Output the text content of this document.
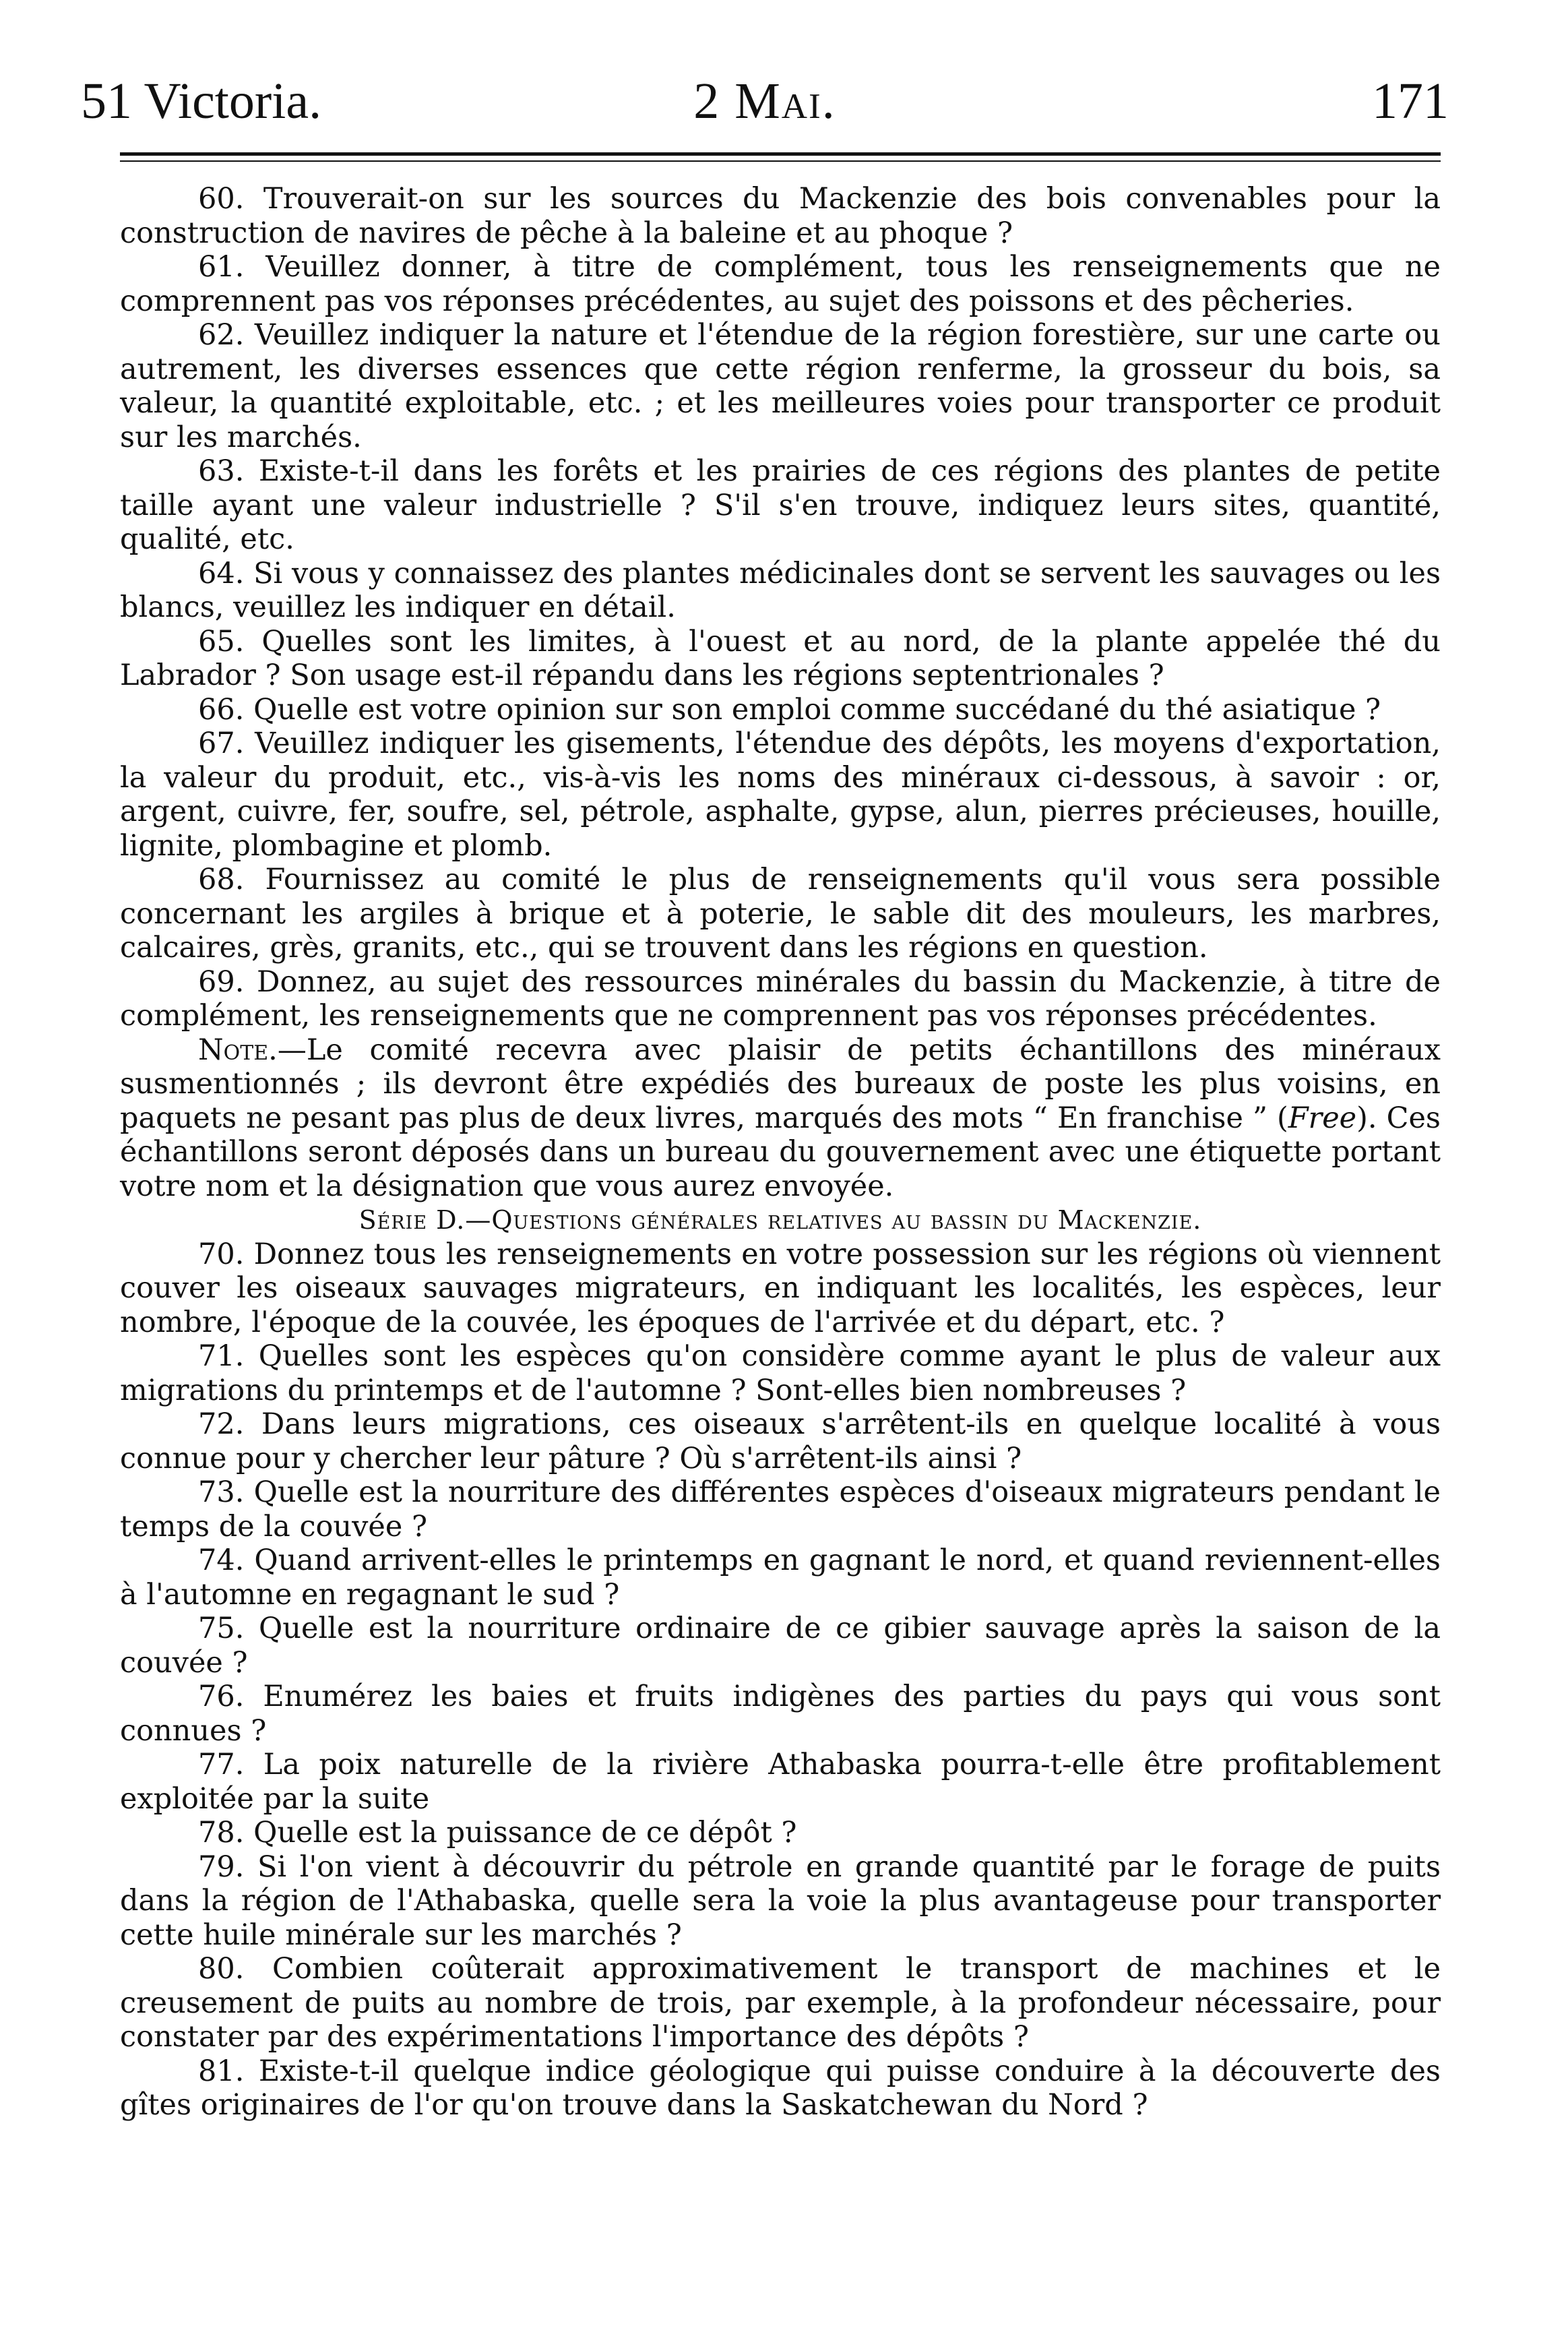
51 Victoria.	2 Mai.	171

60. Trouverait-on sur les sources du Mackenzie des bois convenables pour la construction de navires de pêche à la baleine et au phoque ?

61. Veuillez donner, à titre de complément, tous les renseignements que ne comprennent pas vos réponses précédentes, au sujet des poissons et des pêcheries.

62. Veuillez indiquer la nature et l'étendue de la région forestière, sur une carte ou autrement, les diverses essences que cette région renferme, la grosseur du bois, sa valeur, la quantité exploitable, etc. ; et les meilleures voies pour transporter ce produit sur les marchés.

63. Existe-t-il dans les forêts et les prairies de ces régions des plantes de petite taille ayant une valeur industrielle ? S'il s'en trouve, indiquez leurs sites, quantité, qualité, etc.

64. Si vous y connaissez des plantes médicinales dont se servent les sauvages ou les blancs, veuillez les indiquer en détail.

65. Quelles sont les limites, à l'ouest et au nord, de la plante appelée thé du Labrador ? Son usage est-il répandu dans les régions septentrionales ?

66. Quelle est votre opinion sur son emploi comme succédané du thé asiatique ?

67. Veuillez indiquer les gisements, l'étendue des dépôts, les moyens d'exportation, la valeur du produit, etc., vis-à-vis les noms des minéraux ci-dessous, à savoir : or, argent, cuivre, fer, soufre, sel, pétrole, asphalte, gypse, alun, pierres précieuses, houille, lignite, plombagine et plomb.

68. Fournissez au comité le plus de renseignements qu'il vous sera possible concernant les argiles à brique et à poterie, le sable dit des mouleurs, les marbres, calcaires, grès, granits, etc., qui se trouvent dans les régions en question.

69. Donnez, au sujet des ressources minérales du bassin du Mackenzie, à titre de complément, les renseignements que ne comprennent pas vos réponses précédentes.

Note.—Le comité recevra avec plaisir de petits échantillons des minéraux susmentionnés ; ils devront être expédiés des bureaux de poste les plus voisins, en paquets ne pesant pas plus de deux livres, marqués des mots “ En franchise ” (Free). Ces échantillons seront déposés dans un bureau du gouvernement avec une étiquette portant votre nom et la désignation que vous aurez envoyée.

Série D.—Questions générales relatives au bassin du Mackenzie.

70. Donnez tous les renseignements en votre possession sur les régions où viennent couver les oiseaux sauvages migrateurs, en indiquant les localités, les espèces, leur nombre, l'époque de la couvée, les époques de l'arrivée et du départ, etc. ?

71. Quelles sont les espèces qu'on considère comme ayant le plus de valeur aux migrations du printemps et de l'automne ? Sont-elles bien nombreuses ?

72. Dans leurs migrations, ces oiseaux s'arrêtent-ils en quelque localité à vous connue pour y chercher leur pâture ? Où s'arrêtent-ils ainsi ?

73. Quelle est la nourriture des différentes espèces d'oiseaux migrateurs pendant le temps de la couvée ?

74. Quand arrivent-elles le printemps en gagnant le nord, et quand reviennent-elles à l'automne en regagnant le sud ?

75. Quelle est la nourriture ordinaire de ce gibier sauvage après la saison de la couvée ?

76. Enumérez les baies et fruits indigènes des parties du pays qui vous sont connues ?

77. La poix naturelle de la rivière Athabaska pourra-t-elle être profitablement exploitée par la suite

78. Quelle est la puissance de ce dépôt ?

79. Si l'on vient à découvrir du pétrole en grande quantité par le forage de puits dans la région de l'Athabaska, quelle sera la voie la plus avantageuse pour transporter cette huile minérale sur les marchés ?

80. Combien coûterait approximativement le transport de machines et le creusement de puits au nombre de trois, par exemple, à la profondeur nécessaire, pour constater par des expérimentations l'importance des dépôts ?

81. Existe-t-il quelque indice géologique qui puisse conduire à la découverte des gîtes originaires de l'or qu'on trouve dans la Saskatchewan du Nord ?
